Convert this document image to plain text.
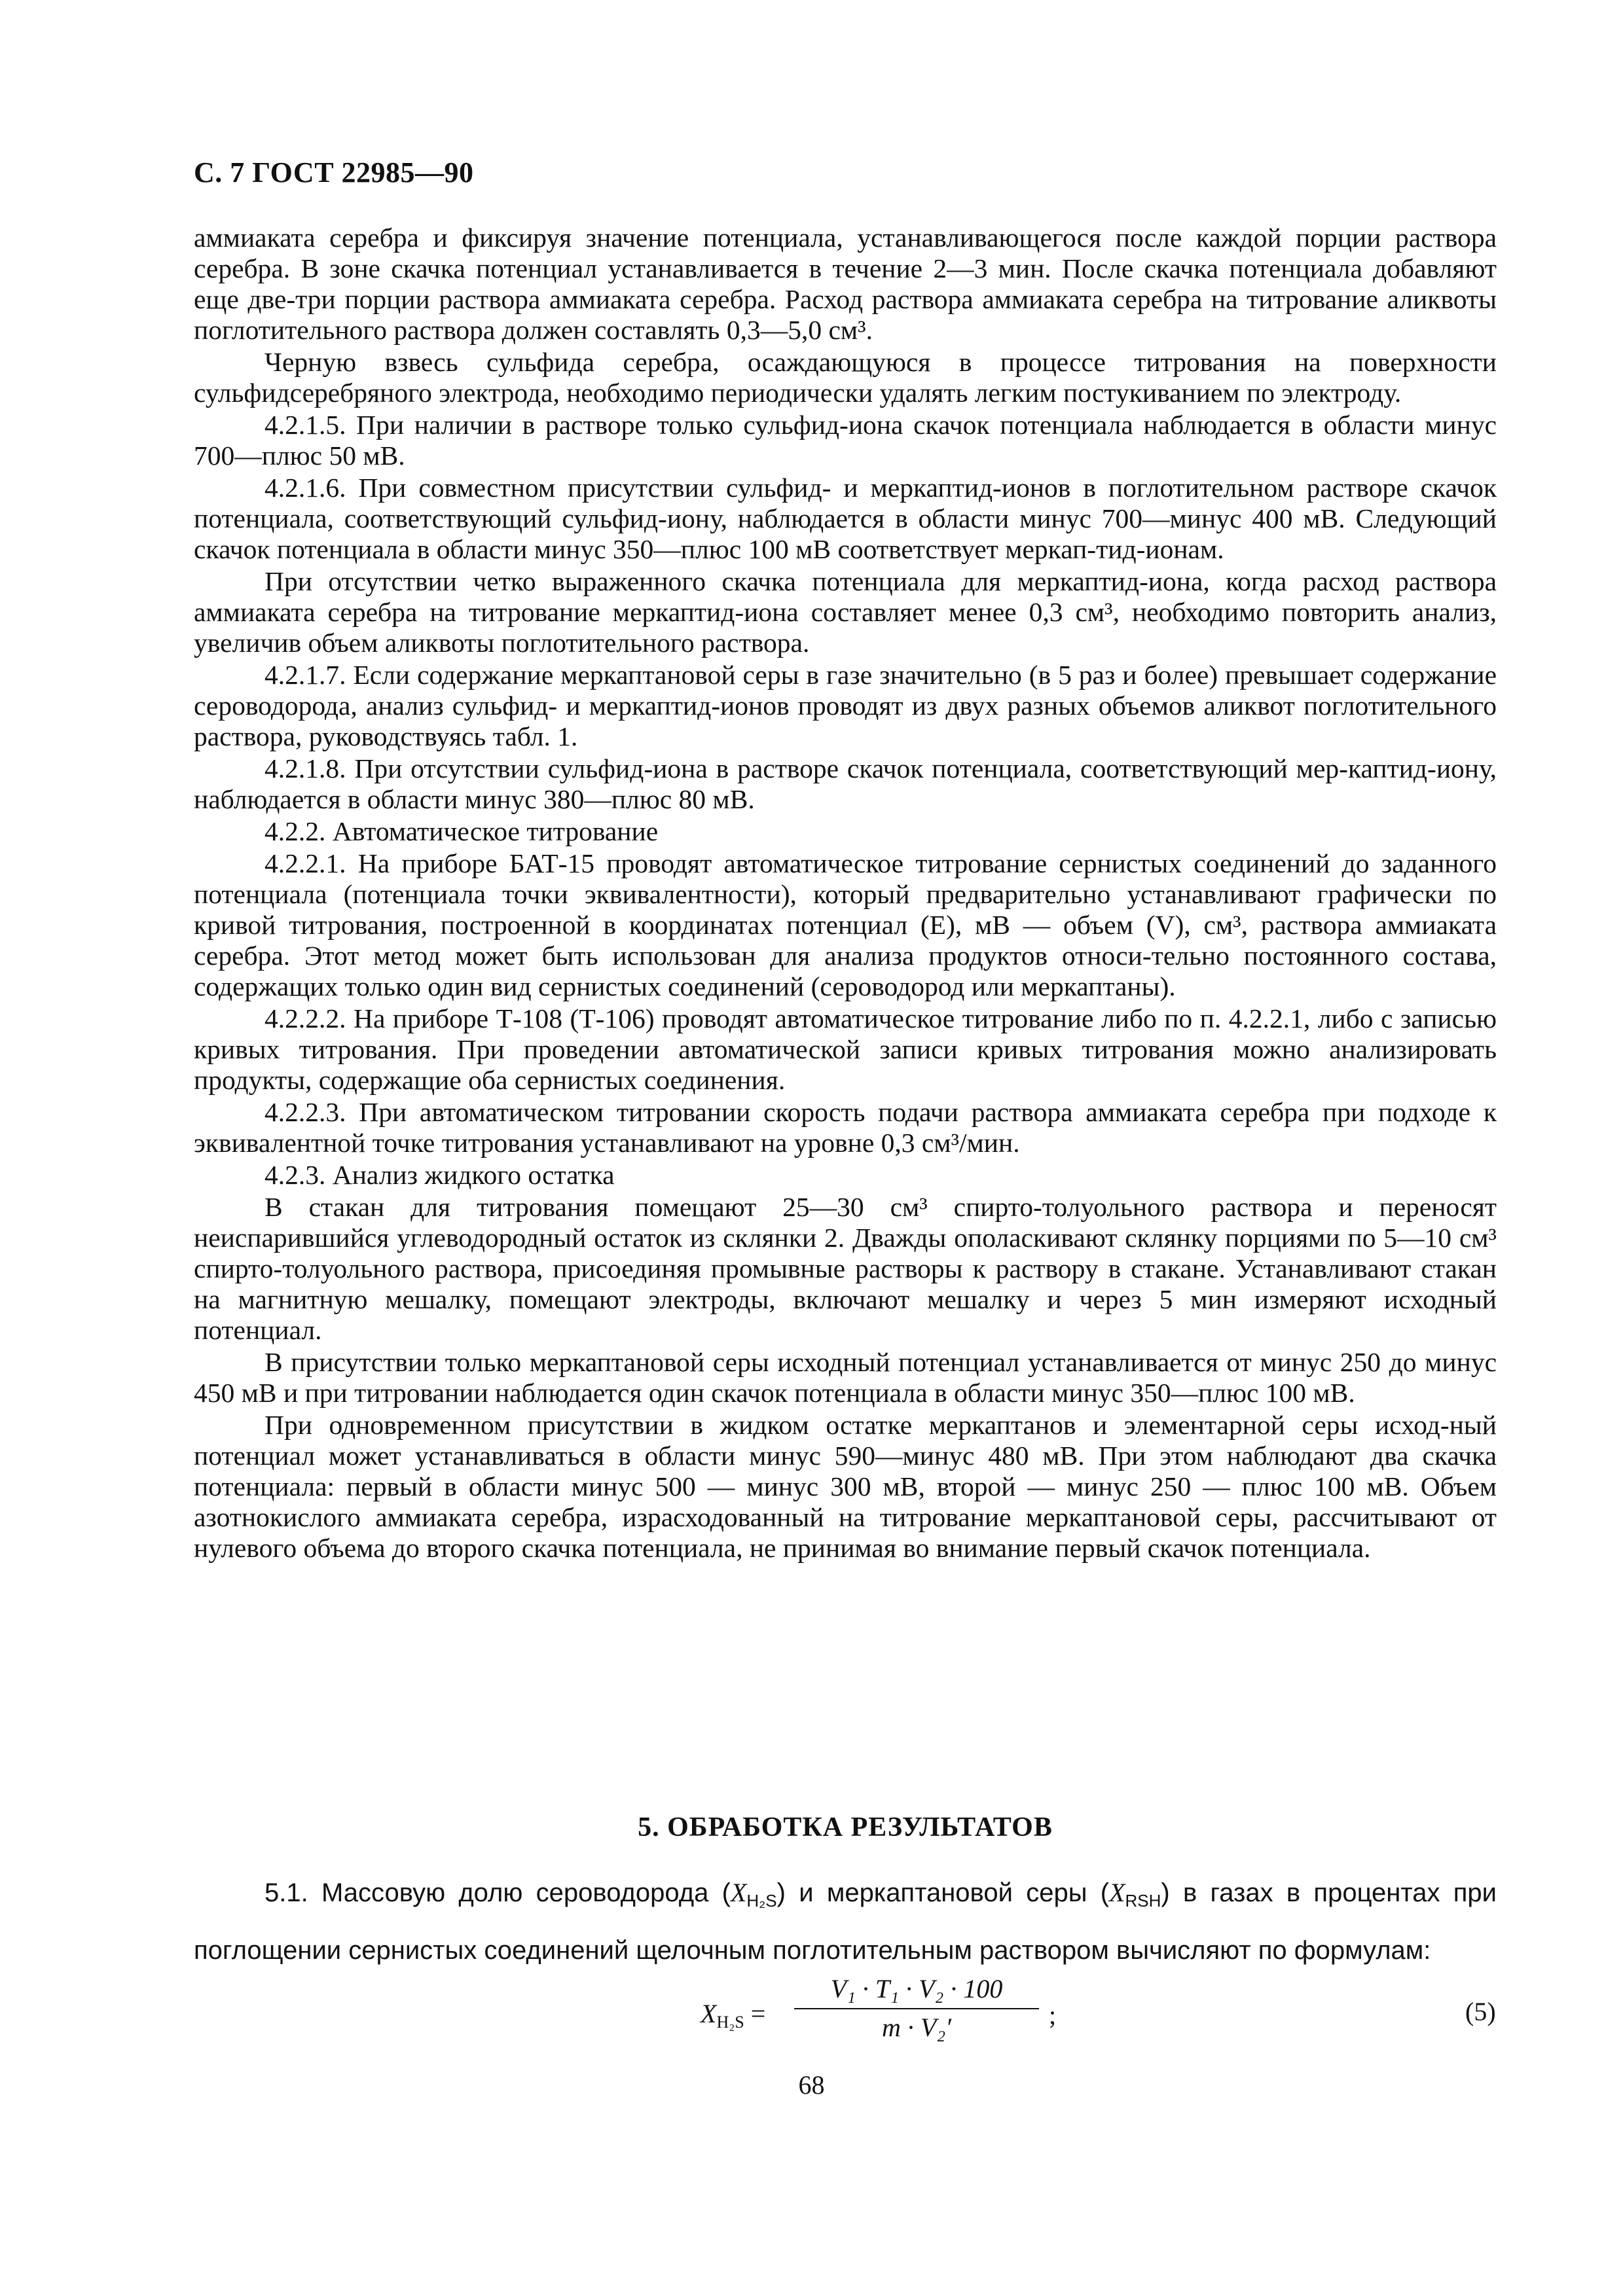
С. 7 ГОСТ 22985—90

аммиаката серебра и фиксируя значение потенциала, устанавливающегося после каждой порции раствора серебра. В зоне скачка потенциал устанавливается в течение 2—3 мин. После скачка потенциала добавляют еще две-три порции раствора аммиаката серебра. Расход раствора аммиаката серебра на титрование аликвоты поглотительного раствора должен составлять 0,3—5,0 см³.

Черную взвесь сульфида серебра, осаждающуюся в процессе титрования на поверхности сульфидсеребряного электрода, необходимо периодически удалять легким постукиванием по электроду.

4.2.1.5. При наличии в растворе только сульфид-иона скачок потенциала наблюдается в области минус 700—плюс 50 мВ.

4.2.1.6. При совместном присутствии сульфид- и меркаптид-ионов в поглотительном растворе скачок потенциала, соответствующий сульфид-иону, наблюдается в области минус 700—минус 400 мВ. Следующий скачок потенциала в области минус 350—плюс 100 мВ соответствует меркап-тид-ионам.

При отсутствии четко выраженного скачка потенциала для меркаптид-иона, когда расход раствора аммиаката серебра на титрование меркаптид-иона составляет менее 0,3 см³, необходимо повторить анализ, увеличив объем аликвоты поглотительного раствора.

4.2.1.7. Если содержание меркаптановой серы в газе значительно (в 5 раз и более) превышает содержание сероводорода, анализ сульфид- и меркаптид-ионов проводят из двух разных объемов аликвот поглотительного раствора, руководствуясь табл. 1.

4.2.1.8. При отсутствии сульфид-иона в растворе скачок потенциала, соответствующий мер-каптид-иону, наблюдается в области минус 380—плюс 80 мВ.

4.2.2. Автоматическое титрование

4.2.2.1. На приборе БАТ-15 проводят автоматическое титрование сернистых соединений до заданного потенциала (потенциала точки эквивалентности), который предварительно устанавливают графически по кривой титрования, построенной в координатах потенциал (E), мВ — объем (V), см³, раствора аммиаката серебра. Этот метод может быть использован для анализа продуктов относи-тельно постоянного состава, содержащих только один вид сернистых соединений (сероводород или меркаптаны).

4.2.2.2. На приборе Т-108 (Т-106) проводят автоматическое титрование либо по п. 4.2.2.1, либо с записью кривых титрования. При проведении автоматической записи кривых титрования можно анализировать продукты, содержащие оба сернистых соединения.

4.2.2.3. При автоматическом титровании скорость подачи раствора аммиаката серебра при подходе к эквивалентной точке титрования устанавливают на уровне 0,3 см³/мин.

4.2.3. Анализ жидкого остатка

В стакан для титрования помещают 25—30 см³ спирто-толуольного раствора и переносят неиспарившийся углеводородный остаток из склянки 2. Дважды ополаскивают склянку порциями по 5—10 см³ спирто-толуольного раствора, присоединяя промывные растворы к раствору в стакане. Устанавливают стакан на магнитную мешалку, помещают электроды, включают мешалку и через 5 мин измеряют исходный потенциал.

В присутствии только меркаптановой серы исходный потенциал устанавливается от минус 250 до минус 450 мВ и при титровании наблюдается один скачок потенциала в области минус 350—плюс 100 мВ.

При одновременном присутствии в жидком остатке меркаптанов и элементарной серы исход-ный потенциал может устанавливаться в области минус 590—минус 480 мВ. При этом наблюдают два скачка потенциала: первый в области минус 500 — минус 300 мВ, второй — минус 250 — плюс 100 мВ. Объем азотнокислого аммиаката серебра, израсходованный на титрование меркаптановой серы, рассчитывают от нулевого объема до второго скачка потенциала, не принимая во внимание первый скачок потенциала.

5. ОБРАБОТКА РЕЗУЛЬТАТОВ

5.1. Массовую долю сероводорода $(X_{H_2S})$ и меркаптановой серы $(X_{RSH})$ в газах в процентах при поглощении сернистых соединений щелочным поглотительным раствором вычисляют по формулам:

$X_{H_2S}$ =
V₁ · T₁ · V₂ · 100
m · V₂′	;	(5)
68
